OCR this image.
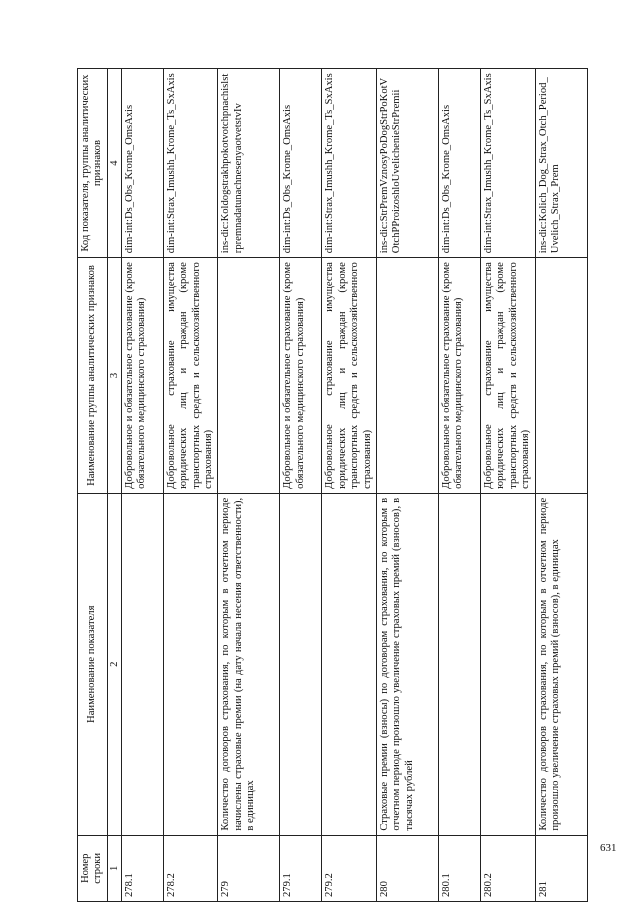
Номер строки	Наименование показателя	Наименование группы аналитических признаков	Код показателя, группы аналитических признаков
1	2	3	4
278.1		Добровольное и обязательное страхование (кроме обязательного медицинского страхования)	dim-int:Ds_Obs_Krome_OmsAxis
278.2		Добровольное страхование имущества юридических лиц и граждан (кроме транспортных средств и сельскохозяйственного страхования)	dim-int:Strax_Imushh_Krome_Ts_SxAxis
279	Количество договоров страхования, по которым в отчетном периоде начислены страховые премии (на дату начала несения ответственности), в единицах		ins-dic:KoldogstrakhpokotvotchpnachislstrpremnadatunachnesenyaotvetstvIv
279.1		Добровольное и обязательное страхование (кроме обязательного медицинского страхования)	dim-int:Ds_Obs_Krome_OmsAxis
279.2		Добровольное страхование имущества юридических лиц и граждан (кроме транспортных средств и сельскохозяйственного страхования)	dim-int:Strax_Imushh_Krome_Ts_SxAxis
280	Страховые премии (взносы) по договорам страхования, по которым в отчетном периоде произошло увеличение страховых премий (взносов), в тысячах рублей		ins-dic:StrPremVznosyPoDogStrPoKotVOtchPProizoshloUvelichenieStrPremii
280.1		Добровольное и обязательное страхование (кроме обязательного медицинского страхования)	dim-int:Ds_Obs_Krome_OmsAxis
280.2		Добровольное страхование имущества юридических лиц и граждан (кроме транспортных средств и сельскохозяйственного страхования)	dim-int:Strax_Imushh_Krome_Ts_SxAxis
281	Количество договоров страхования, по которым в отчетном периоде произошло увеличение страховых премий (взносов), в единицах		ins-dic:Kolich_Dog_Strax_Otch_Period_Uvelich_Strax_Prem
631
